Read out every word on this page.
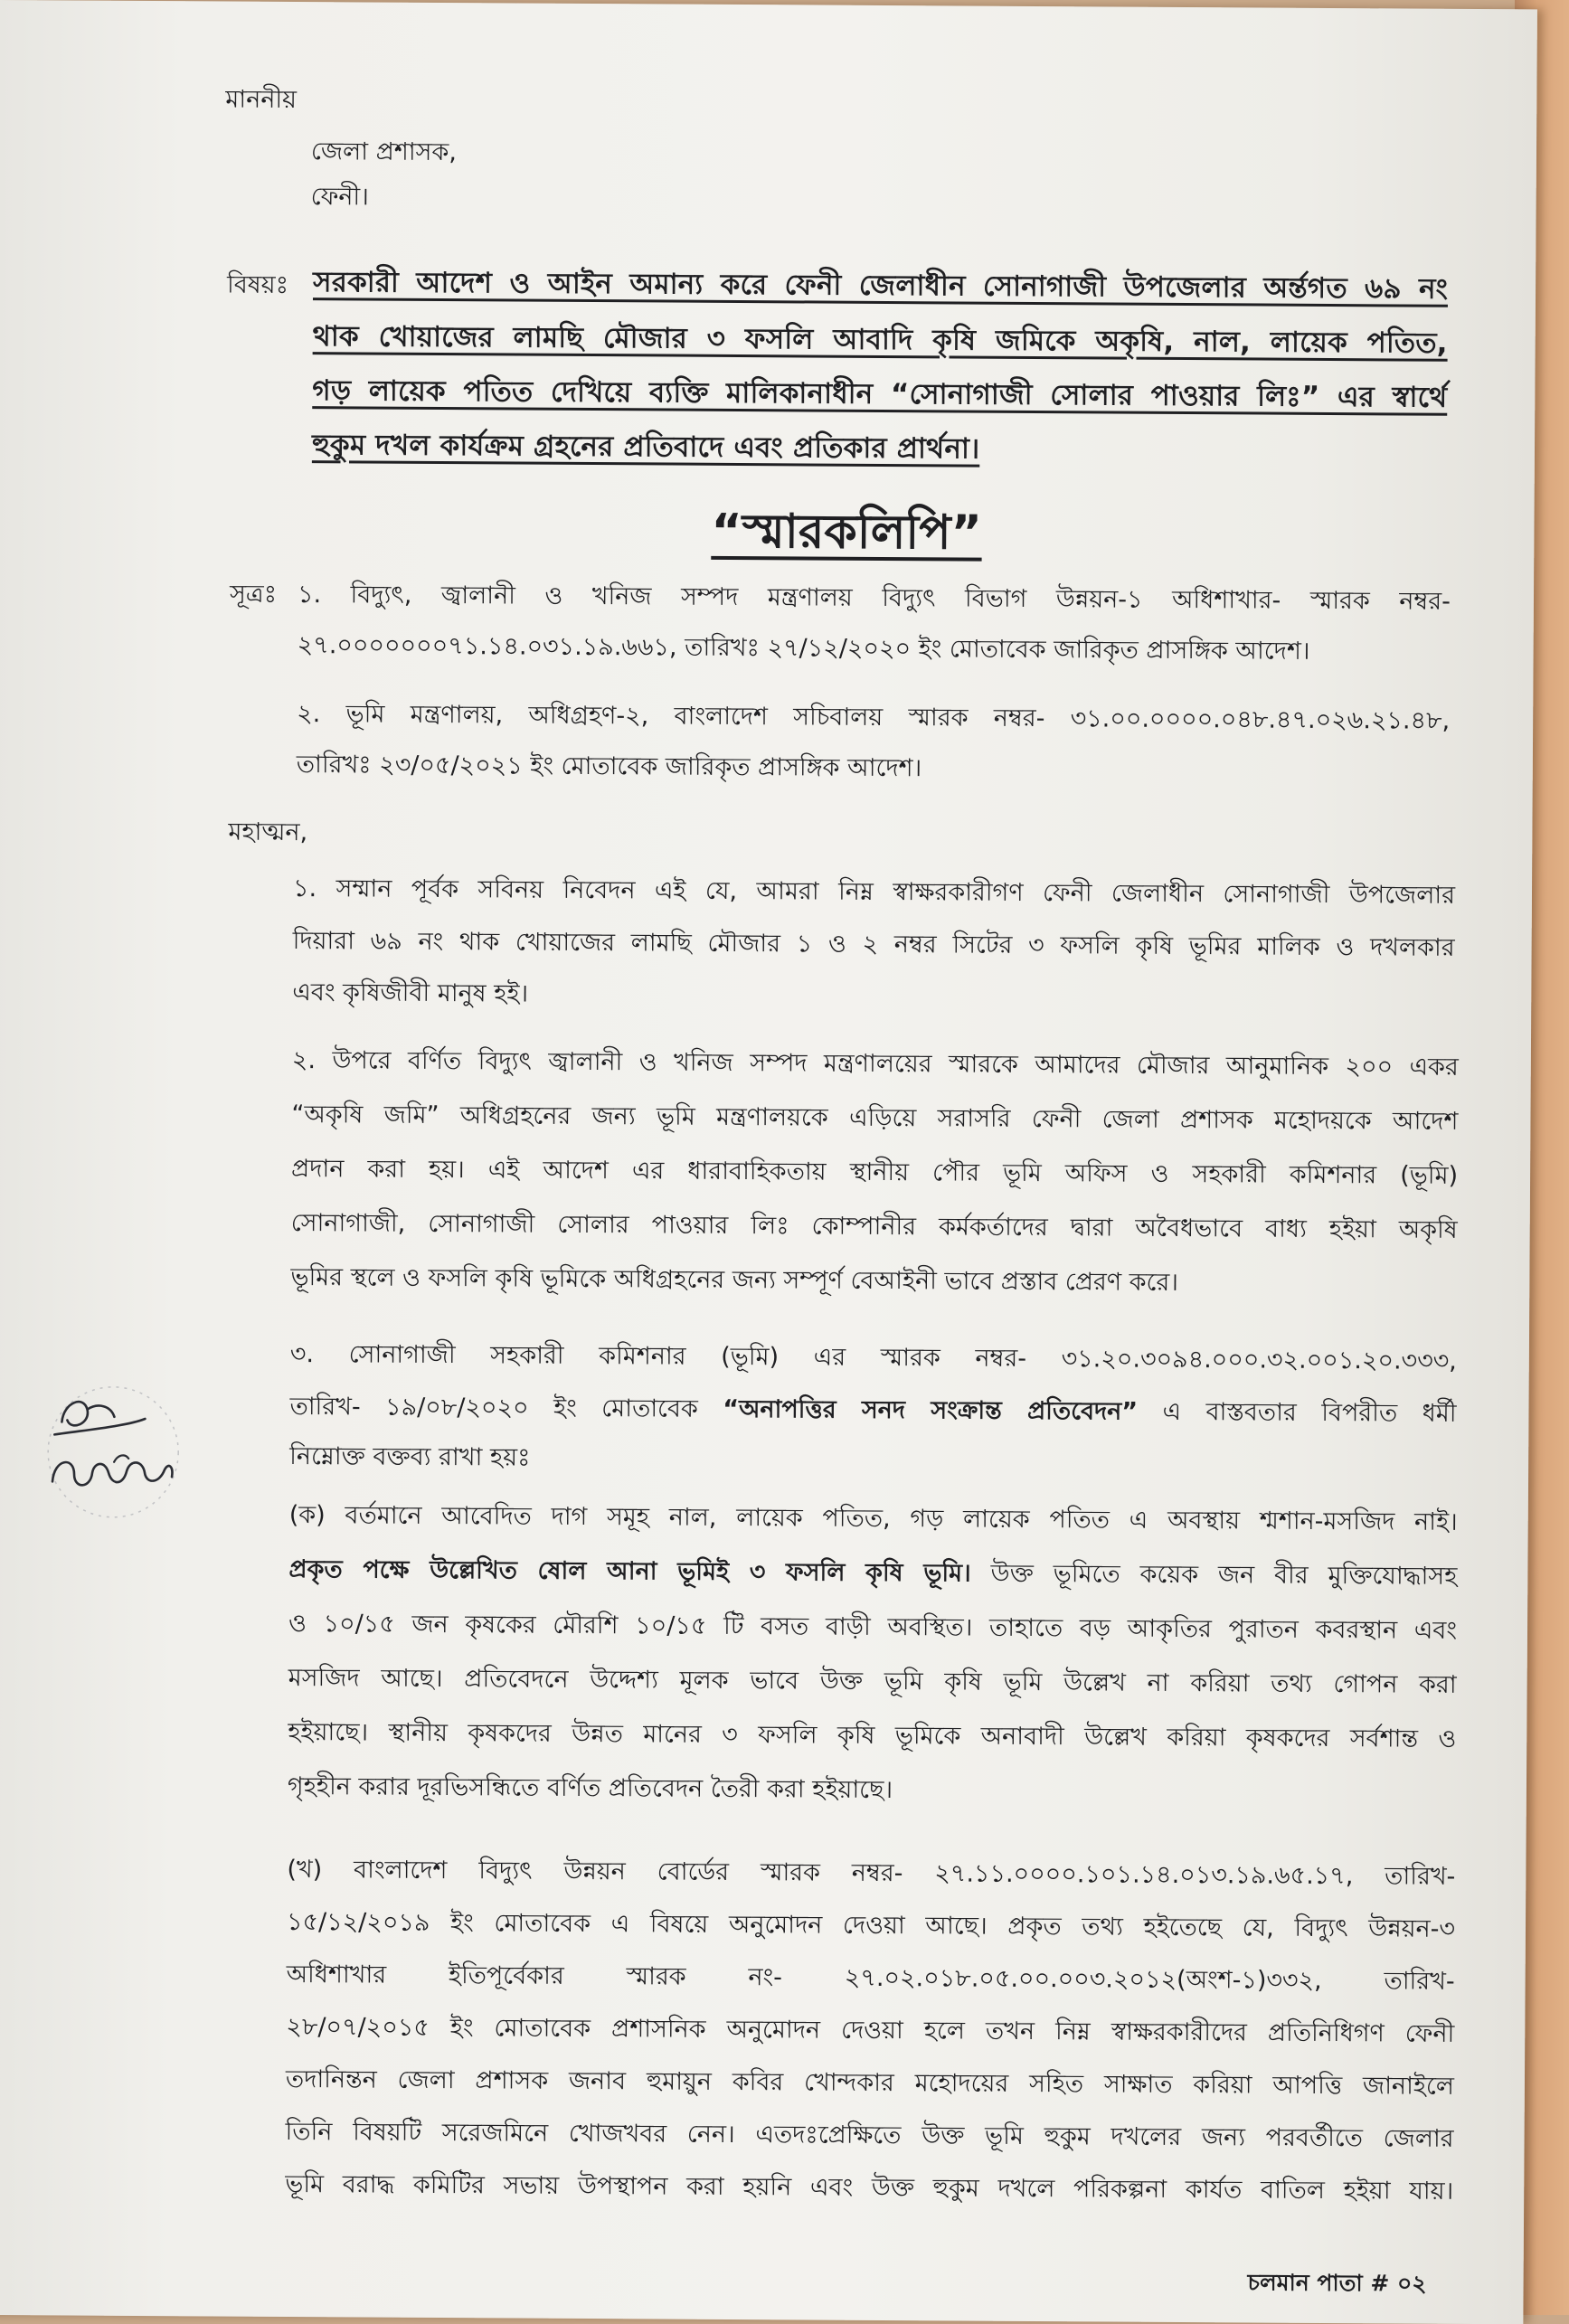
মাননীয়

জেলা প্রশাসক,

ফেনী।

বিষয়ঃ সরকারী আদেশ ও আইন অমান্য করে ফেনী জেলাধীন সোনাগাজী উপজেলার অর্ন্তগত ৬৯ নং

থাক খোয়াজের লামছি মৌজার ৩ ফসলি আবাদি কৃষি জমিকে অকৃষি, নাল, লায়েক পতিত,

গড় লায়েক পতিত দেখিয়ে ব্যক্তি মালিকানাধীন “সোনাগাজী সোলার পাওয়ার লিঃ” এর স্বার্থে

হুকুম দখল কার্যক্রম গ্রহনের প্রতিবাদে এবং প্রতিকার প্রার্থনা।

“স্মারকলিপি”

সূত্রঃ ১. বিদ্যুৎ, জ্বালানী ও খনিজ সম্পদ মন্ত্রণালয় বিদ্যুৎ বিভাগ উন্নয়ন-১ অধিশাখার- স্মারক নম্বর-

২৭.০০০০০০০৭১.১৪.০৩১.১৯.৬৬১, তারিখঃ ২৭/১২/২০২০ ইং মোতাবেক জারিকৃত প্রাসঙ্গিক আদেশ।

২. ভূমি মন্ত্রণালয়, অধিগ্রহণ-২, বাংলাদেশ সচিবালয় স্মারক নম্বর- ৩১.০০.০০০০.০৪৮.৪৭.০২৬.২১.৪৮,

তারিখঃ ২৩/০৫/২০২১ ইং মোতাবেক জারিকৃত প্রাসঙ্গিক আদেশ।

মহাত্মন,

১. সম্মান পূর্বক সবিনয় নিবেদন এই যে, আমরা নিম্ন স্বাক্ষরকারীগণ ফেনী জেলাধীন সোনাগাজী উপজেলার

দিয়ারা ৬৯ নং থাক খোয়াজের লামছি মৌজার ১ ও ২ নম্বর সিটের ৩ ফসলি কৃষি ভূমির মালিক ও দখলকার

এবং কৃষিজীবী মানুষ হই।

২. উপরে বর্ণিত বিদ্যুৎ জ্বালানী ও খনিজ সম্পদ মন্ত্রণালয়ের স্মারকে আমাদের মৌজার আনুমানিক ২০০ একর

“অকৃষি জমি” অধিগ্রহনের জন্য ভূমি মন্ত্রণালয়কে এড়িয়ে সরাসরি ফেনী জেলা প্রশাসক মহোদয়কে আদেশ

প্রদান করা হয়। এই আদেশ এর ধারাবাহিকতায় স্থানীয় পৌর ভূমি অফিস ও সহকারী কমিশনার (ভূমি)

সোনাগাজী, সোনাগাজী সোলার পাওয়ার লিঃ কোম্পানীর কর্মকর্তাদের দ্বারা অবৈধভাবে বাধ্য হইয়া অকৃষি

ভূমির স্থলে ও ফসলি কৃষি ভূমিকে অধিগ্রহনের জন্য সম্পূর্ণ বেআইনী ভাবে প্রস্তাব প্রেরণ করে।

৩. সোনাগাজী সহকারী কমিশনার (ভূমি) এর স্মারক নম্বর- ৩১.২০.৩০৯৪.০০০.৩২.০০১.২০.৩৩৩,

তারিখ- ১৯/০৮/২০২০ ইং মোতাবেক “অনাপত্তির সনদ সংক্রান্ত প্রতিবেদন” এ বাস্তবতার বিপরীত ধর্মী

নিম্নোক্ত বক্তব্য রাখা হয়ঃ

(ক) বর্তমানে আবেদিত দাগ সমূহ নাল, লায়েক পতিত, গড় লায়েক পতিত এ অবস্থায় শ্মশান-মসজিদ নাই।

প্রকৃত পক্ষে উল্লেখিত ষোল আনা ভূমিই ৩ ফসলি কৃষি ভূমি। উক্ত ভূমিতে কয়েক জন বীর মুক্তিযোদ্ধাসহ

ও ১০/১৫ জন কৃষকের মৌরশি ১০/১৫ টি বসত বাড়ী অবস্থিত। তাহাতে বড় আকৃতির পুরাতন কবরস্থান এবং

মসজিদ আছে। প্রতিবেদনে উদ্দেশ্য মূলক ভাবে উক্ত ভূমি কৃষি ভূমি উল্লেখ না করিয়া তথ্য গোপন করা

হইয়াছে। স্থানীয় কৃষকদের উন্নত মানের ৩ ফসলি কৃষি ভূমিকে অনাবাদী উল্লেখ করিয়া কৃষকদের সর্বশান্ত ও

গৃহহীন করার দূরভিসন্ধিতে বর্ণিত প্রতিবেদন তৈরী করা হইয়াছে।

(খ) বাংলাদেশ বিদ্যুৎ উন্নয়ন বোর্ডের স্মারক নম্বর- ২৭.১১.০০০০.১০১.১৪.০১৩.১৯.৬৫.১৭, তারিখ-

১৫/১২/২০১৯ ইং মোতাবেক এ বিষয়ে অনুমোদন দেওয়া আছে। প্রকৃত তথ্য হইতেছে যে, বিদ্যুৎ উন্নয়ন-৩

অধিশাখার ইতিপূর্বেকার স্মারক নং- ২৭.০২.০১৮.০৫.০০.০০৩.২০১২(অংশ-১)৩৩২, তারিখ-

২৮/০৭/২০১৫ ইং মোতাবেক প্রশাসনিক অনুমোদন দেওয়া হলে তখন নিম্ন স্বাক্ষরকারীদের প্রতিনিধিগণ ফেনী

তদানিন্তন জেলা প্রশাসক জনাব হুমায়ুন কবির খোন্দকার মহোদয়ের সহিত সাক্ষাত করিয়া আপত্তি জানাইলে

তিনি বিষয়টি সরেজমিনে খোজখবর নেন। এতদঃপ্রেক্ষিতে উক্ত ভূমি হুকুম দখলের জন্য পরবর্তীতে জেলার

ভূমি বরাদ্ধ কমিটির সভায় উপস্থাপন করা হয়নি এবং উক্ত হুকুম দখলে পরিকল্পনা কার্যত বাতিল হইয়া যায়।

চলমান পাতা # ০২
